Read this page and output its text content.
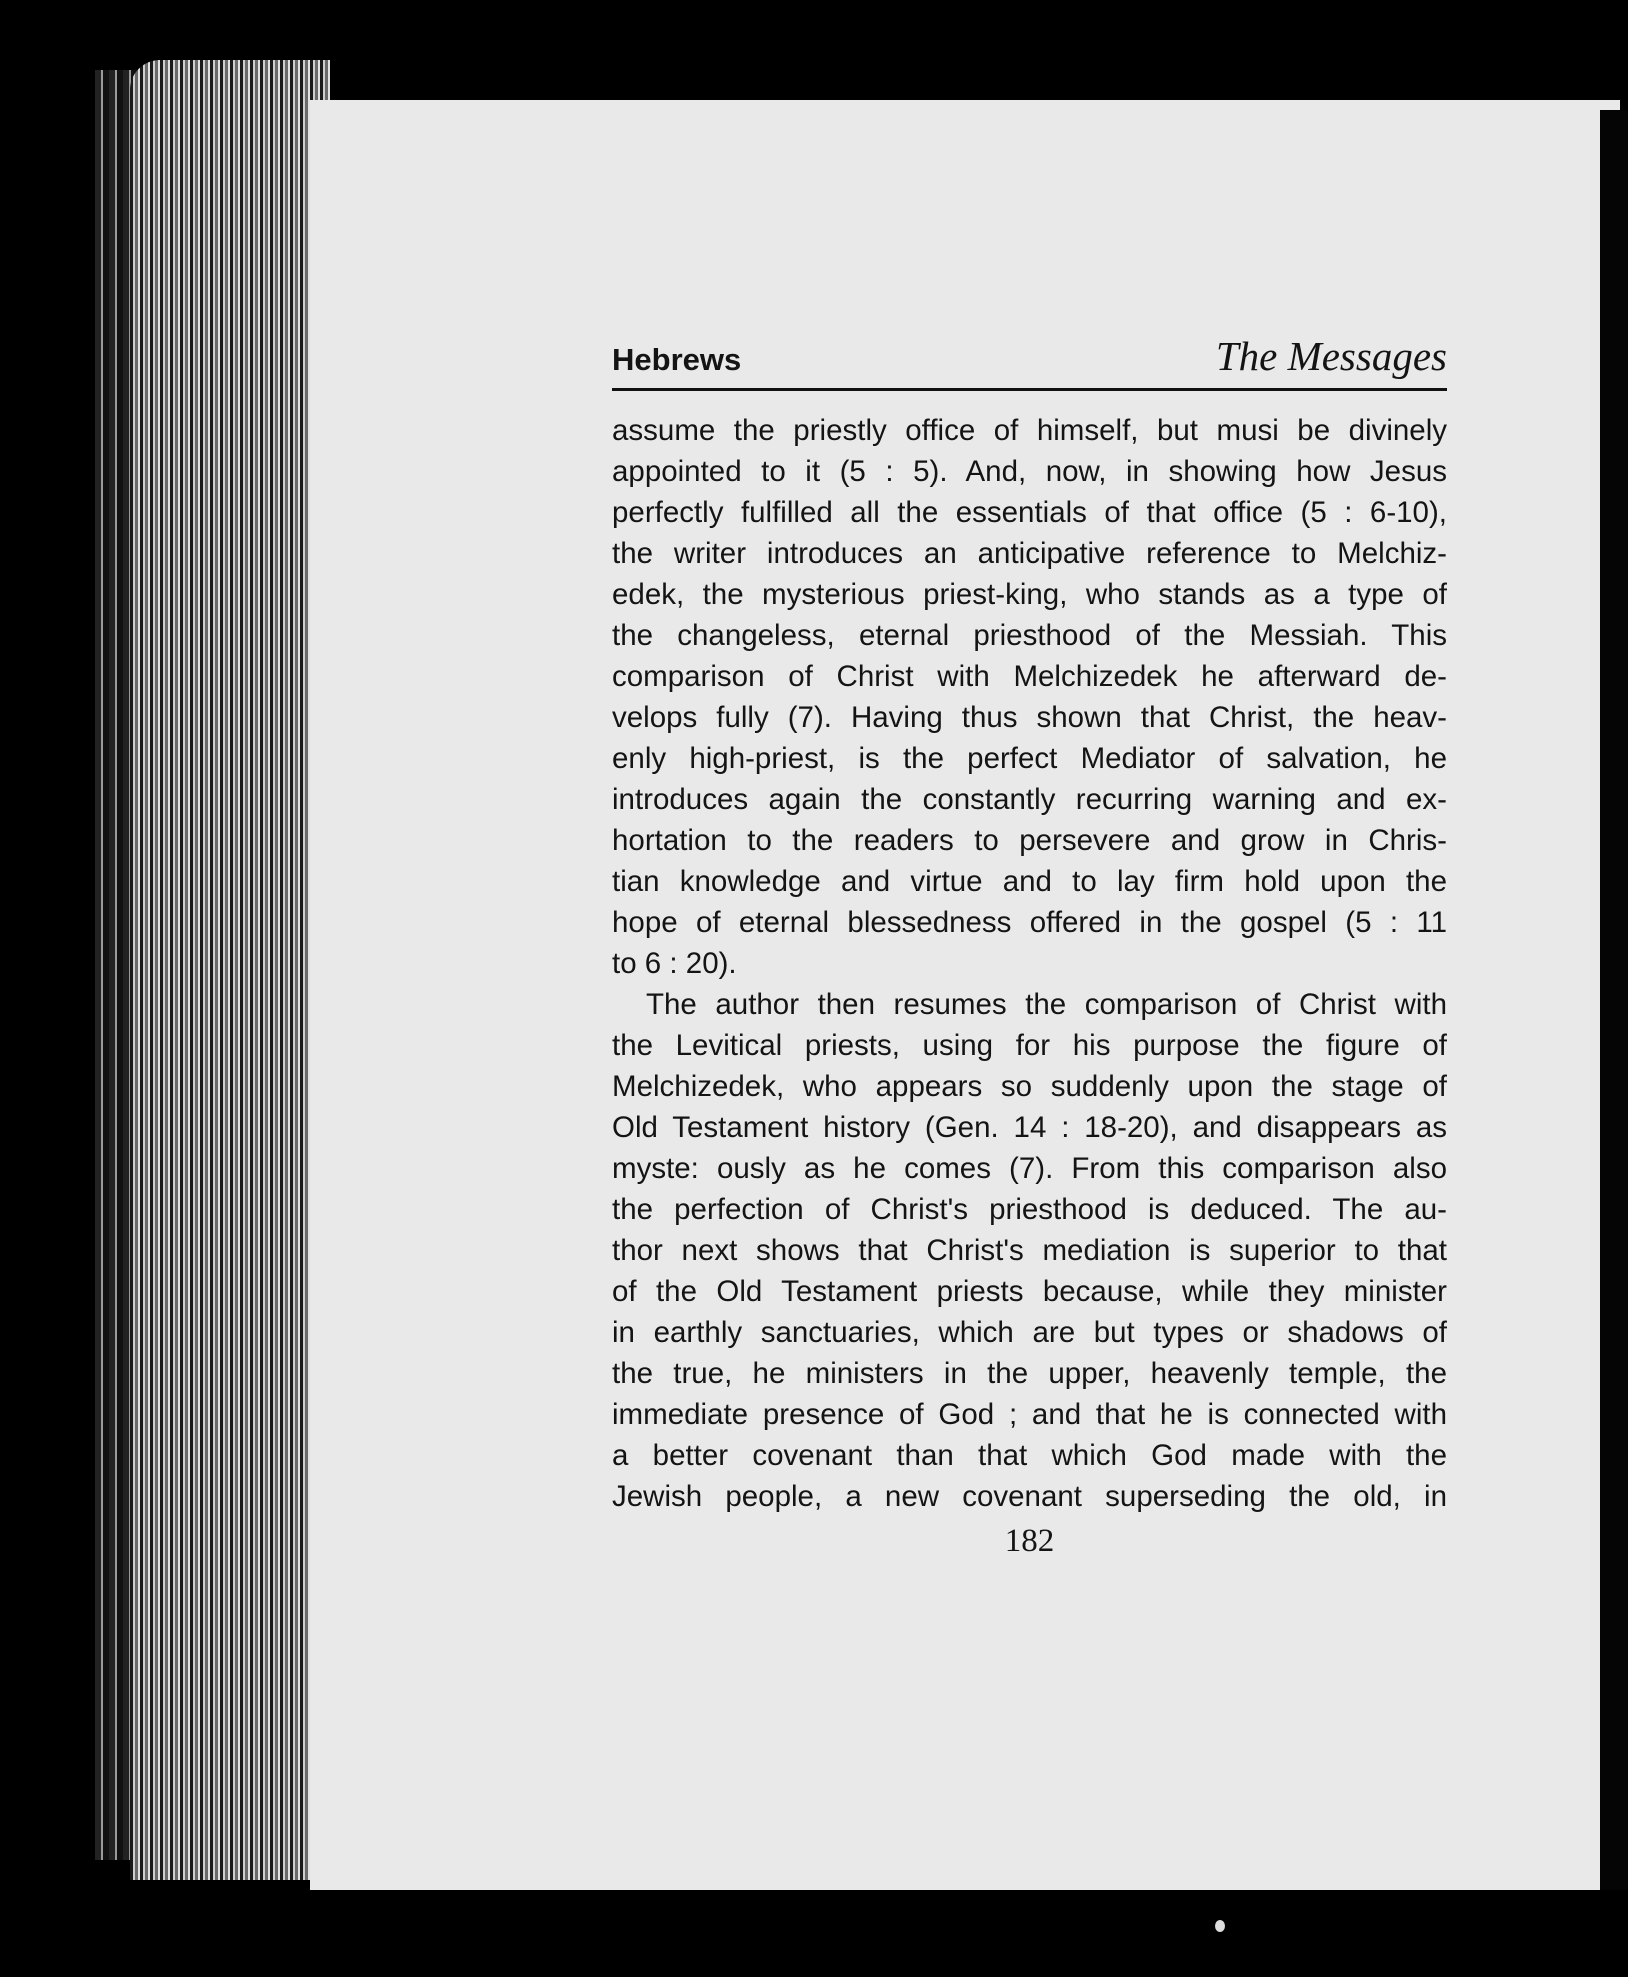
Hebrews	The Messages

assume the priestly office of himself, but musi be divinely
appointed to it (5 : 5). And, now, in showing how Jesus
perfectly fulfilled all the essentials of that office (5 : 6-10),
the writer introduces an anticipative reference to Melchiz-
edek, the mysterious priest-king, who stands as a type of
the changeless, eternal priesthood of the Messiah. This
comparison of Christ with Melchizedek he afterward de-
velops fully (7). Having thus shown that Christ, the heav-
enly high-priest, is the perfect Mediator of salvation, he
introduces again the constantly recurring warning and ex-
hortation to the readers to persevere and grow in Chris-
tian knowledge and virtue and to lay firm hold upon the
hope of eternal blessedness offered in the gospel (5 : 11
to 6 : 20).

The author then resumes the comparison of Christ with
the Levitical priests, using for his purpose the figure of
Melchizedek, who appears so suddenly upon the stage of
Old Testament history (Gen. 14 : 18-20), and disappears as
myste: ously as he comes (7). From this comparison also
the perfection of Christ's priesthood is deduced. The au-
thor next shows that Christ's mediation is superior to that
of the Old Testament priests because, while they minister
in earthly sanctuaries, which are but types or shadows of
the true, he ministers in the upper, heavenly temple, the
immediate presence of God ; and that he is connected with
a better covenant than that which God made with the
Jewish people, a new covenant superseding the old, in

182
